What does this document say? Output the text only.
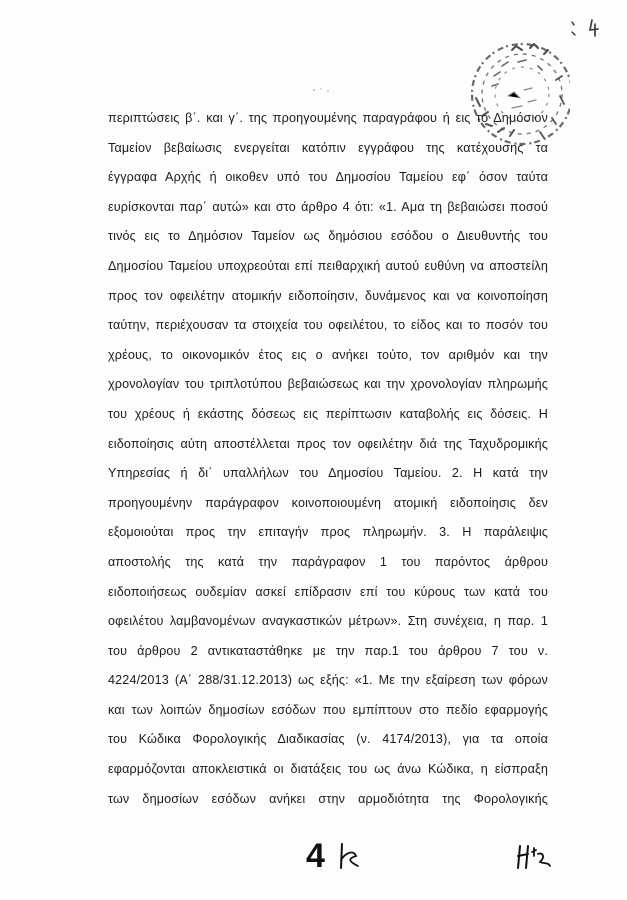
περιπτώσεις β΄. και γ΄. της προηγουμένης παραγράφου ή εις το Δημόσιον
Ταμείον βεβαίωσις ενεργείται κατόπιν εγγράφου της κατέχουσης τα
έγγραφα Αρχής ή οικοθεν υπό του Δημοσίου Ταμείου εφ΄ όσον ταύτα
ευρίσκονται παρ΄ αυτώ» και στο άρθρο 4 ότι: «1. Αμα τη βεβαιώσει ποσού
τινός εις το Δημόσιον Ταμείον ως δημόσιου εσόδου ο Διευθυντής του
Δημοσίου Ταμείου υποχρεούται επί πειθαρχική αυτού ευθύνη να αποστείλη
προς τον οφειλέτην ατομικήν ειδοποίησιν, δυνάμενος και να κοινοποίηση
ταύτην, περιέχουσαν τα στοιχεία του οφειλέτου, το είδος και το ποσόν του
χρέους, το οικονομικόν έτος εις ο ανήκει τούτο, τον αριθμόν και την
χρονολογίαν του τριπλοτύπου βεβαιώσεως και την χρονολογίαν πληρωμής
του χρέους ή εκάστης δόσεως εις περίπτωσιν καταβολής εις δόσεις. Η
ειδοποίησις αύτη αποστέλλεται προς τον οφειλέτην διά της Ταχυδρομικής
Υπηρεσίας ή δι΄ υπαλλήλων του Δημοσίου Ταμείου. 2. Η κατά την
προηγουμένην παράγραφον κοινοποιουμένη ατομική ειδοποίησις δεν
εξομοιούται προς την επιταγήν προς πληρωμήν. 3. Η παράλειψις
αποστολής της κατά την παράγραφον 1 του παρόντος άρθρου
ειδοποιήσεως ουδεμίαν ασκεί επίδρασιν επί του κύρους των κατά του
οφειλέτου λαμβανομένων αναγκαστικών μέτρων». Στη συνέχεια, η παρ. 1
του άρθρου 2 αντικαταστάθηκε με την παρ.1 του άρθρου 7 του ν.
4224/2013 (Α΄ 288/31.12.2013) ως εξής: «1. Με την εξαίρεση των φόρων
και των λοιπών δημοσίων εσόδων που εμπίπτουν στο πεδίο εφαρμογής
του Κώδικα Φορολογικής Διαδικασίας (ν. 4174/2013), για τα οποία
εφαρμόζονται αποκλειστικά οι διατάξεις του ως άνω Κώδικα, η είσπραξη
των δημοσίων εσόδων ανήκει στην αρμοδιότητα της Φορολογικής
4
